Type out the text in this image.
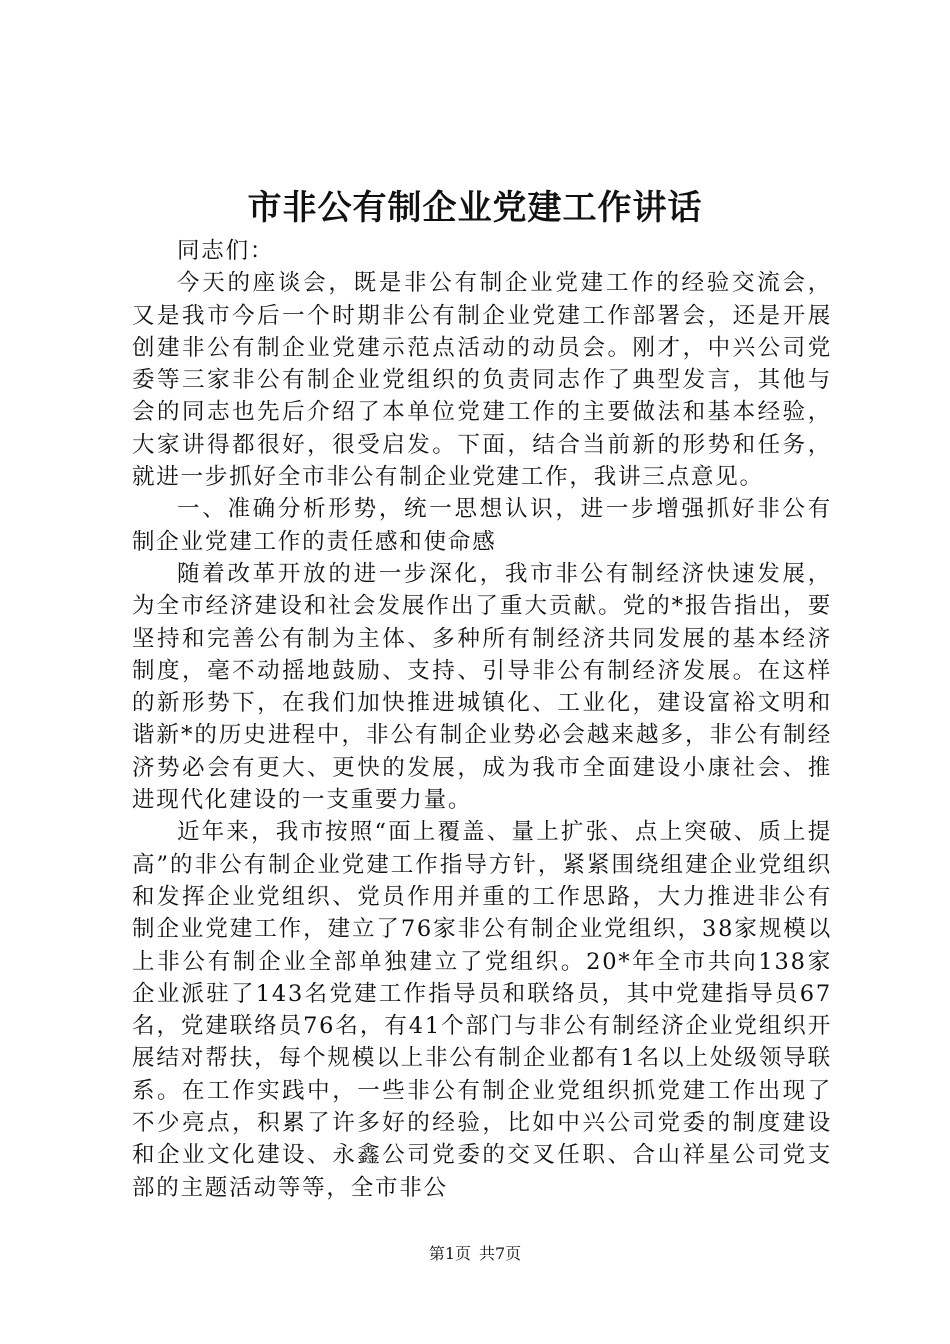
市非公有制企业党建工作讲话

同志们：

今天的座谈会，既是非公有制企业党建工作的经验交流会，又是我市今后一个时期非公有制企业党建工作部署会，还是开展创建非公有制企业党建示范点活动的动员会。刚才，中兴公司党委等三家非公有制企业党组织的负责同志作了典型发言，其他与会的同志也先后介绍了本单位党建工作的主要做法和基本经验，大家讲得都很好，很受启发。下面，结合当前新的形势和任务，就进一步抓好全市非公有制企业党建工作，我讲三点意见。

一、准确分析形势，统一思想认识，进一步增强抓好非公有制企业党建工作的责任感和使命感

随着改革开放的进一步深化，我市非公有制经济快速发展，为全市经济建设和社会发展作出了重大贡献。党的*报告指出，要坚持和完善公有制为主体、多种所有制经济共同发展的基本经济制度，毫不动摇地鼓励、支持、引导非公有制经济发展。在这样的新形势下，在我们加快推进城镇化、工业化，建设富裕文明和谐新*的历史进程中，非公有制企业势必会越来越多，非公有制经济势必会有更大、更快的发展，成为我市全面建设小康社会、推进现代化建设的一支重要力量。

近年来，我市按照“面上覆盖、量上扩张、点上突破、质上提高”的非公有制企业党建工作指导方针，紧紧围绕组建企业党组织和发挥企业党组织、党员作用并重的工作思路，大力推进非公有制企业党建工作，建立了76家非公有制企业党组织，38家规模以上非公有制企业全部单独建立了党组织。20*年全市共向138家企业派驻了143名党建工作指导员和联络员，其中党建指导员67名，党建联络员76名，有41个部门与非公有制经济企业党组织开展结对帮扶，每个规模以上非公有制企业都有1名以上处级领导联系。在工作实践中，一些非公有制企业党组织抓党建工作出现了不少亮点，积累了许多好的经验，比如中兴公司党委的制度建设和企业文化建设、永鑫公司党委的交叉任职、合山祥星公司党支部的主题活动等等，全市非公

第1页 共7页
